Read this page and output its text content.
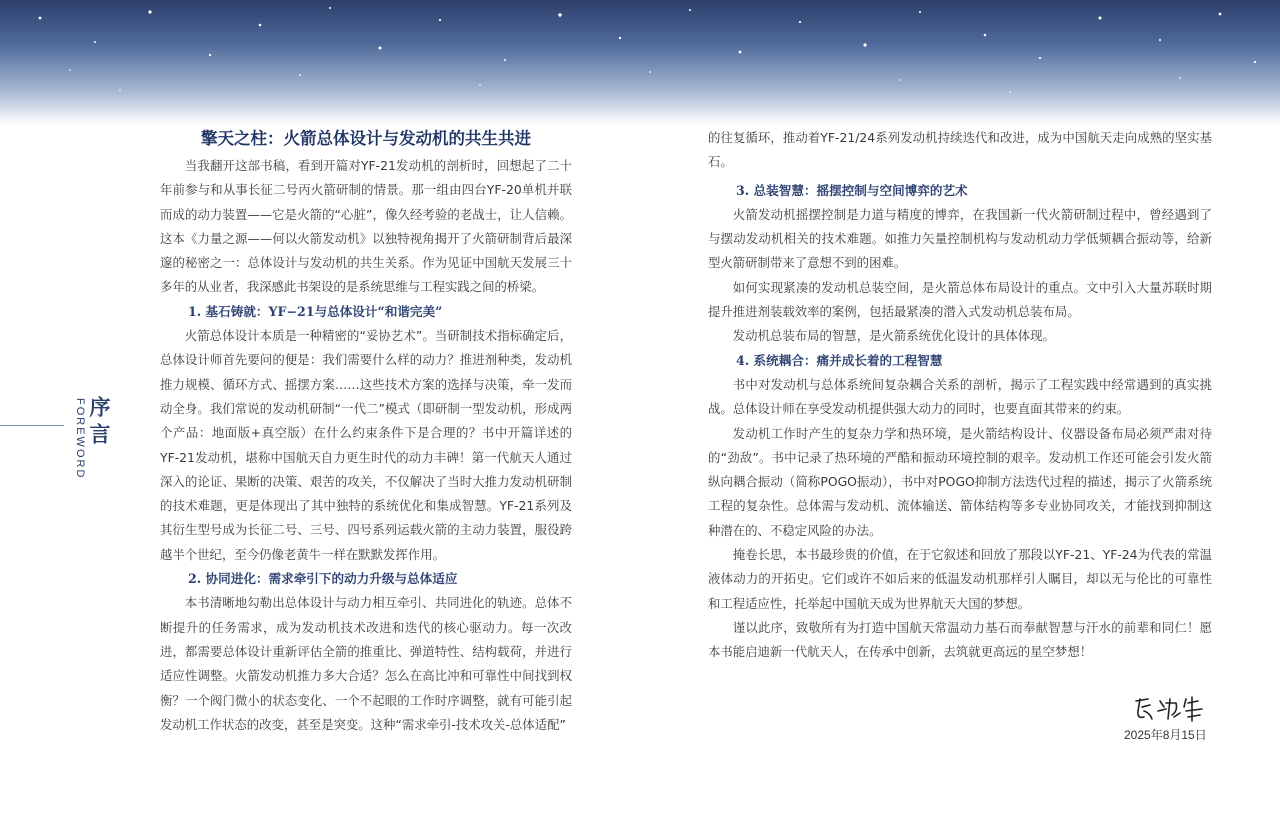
序言
FOREWORD

擎天之柱：火箭总体设计与发动机的共生共进

当我翻开这部书稿，看到开篇对YF-21发动机的剖析时，回想起了二十年前参与和从事长征二号丙火箭研制的情景。那一组由四台YF-20单机并联而成的动力装置——它是火箭的“心脏”，像久经考验的老战士，让人信赖。这本《力量之源——何以火箭发动机》以独特视角揭开了火箭研制背后最深邃的秘密之一：总体设计与发动机的共生关系。作为见证中国航天发展三十多年的从业者，我深感此书架设的是系统思维与工程实践之间的桥梁。

1. 基石铸就：YF−21与总体设计“和谐完美”

火箭总体设计本质是一种精密的“妥协艺术”。当研制技术指标确定后，总体设计师首先要问的便是：我们需要什么样的动力？推进剂种类，发动机推力规模、循环方式、摇摆方案……这些技术方案的选择与决策，牵一发而动全身。我们常说的发动机研制“一代二”模式（即研制一型发动机，形成两个产品：地面版+真空版）在什么约束条件下是合理的？书中开篇详述的YF-21发动机，堪称中国航天自力更生时代的动力丰碑！第一代航天人通过深入的论证、果断的决策、艰苦的攻关，不仅解决了当时大推力发动机研制的技术难题，更是体现出了其中独特的系统优化和集成智慧。YF-21系列及其衍生型号成为长征二号、三号、四号系列运载火箭的主动力装置，服役跨越半个世纪，至今仍像老黄牛一样在默默发挥作用。

2. 协同进化：需求牵引下的动力升级与总体适应

本书清晰地勾勒出总体设计与动力相互牵引、共同进化的轨迹。总体不断提升的任务需求，成为发动机技术改进和迭代的核心驱动力。每一次改进，都需要总体设计重新评估全箭的推重比、弹道特性、结构载荷，并进行适应性调整。火箭发动机推力多大合适？怎么在高比冲和可靠性中间找到权衡？一个阀门微小的状态变化、一个不起眼的工作时序调整，就有可能引起发动机工作状态的改变，甚至是突变。这种“需求牵引-技术攻关-总体适配”

的往复循环，推动着YF-21/24系列发动机持续迭代和改进，成为中国航天走向成熟的坚实基石。

3. 总装智慧：摇摆控制与空间博弈的艺术

火箭发动机摇摆控制是力道与精度的博弈，在我国新一代火箭研制过程中，曾经遇到了与摆动发动机相关的技术难题。如推力矢量控制机构与发动机动力学低频耦合振动等，给新型火箭研制带来了意想不到的困难。

如何实现紧凑的发动机总装空间，是火箭总体布局设计的重点。文中引入大量苏联时期提升推进剂装载效率的案例，包括最紧凑的潜入式发动机总装布局。

发动机总装布局的智慧，是火箭系统优化设计的具体体现。

4. 系统耦合：痛并成长着的工程智慧

书中对发动机与总体系统间复杂耦合关系的剖析，揭示了工程实践中经常遇到的真实挑战。总体设计师在享受发动机提供强大动力的同时，也要直面其带来的约束。

发动机工作时产生的复杂力学和热环境，是火箭结构设计、仪器设备布局必须严肃对待的“劲敌”。书中记录了热环境的严酷和振动环境控制的艰辛。发动机工作还可能会引发火箭纵向耦合振动（简称POGO振动），书中对POGO抑制方法迭代过程的描述，揭示了火箭系统工程的复杂性。总体需与发动机、流体输送、箭体结构等多专业协同攻关，才能找到抑制这种潜在的、不稳定风险的办法。

掩卷长思，本书最珍贵的价值，在于它叙述和回放了那段以YF-21、YF-24为代表的常温液体动力的开拓史。它们或许不如后来的低温发动机那样引人瞩目，却以无与伦比的可靠性和工程适应性，托举起中国航天成为世界航天大国的梦想。

谨以此序，致敬所有为打造中国航天常温动力基石而奉献智慧与汗水的前辈和同仁！愿本书能启迪新一代航天人，在传承中创新，去筑就更高远的星空梦想！

2025年8月15日
